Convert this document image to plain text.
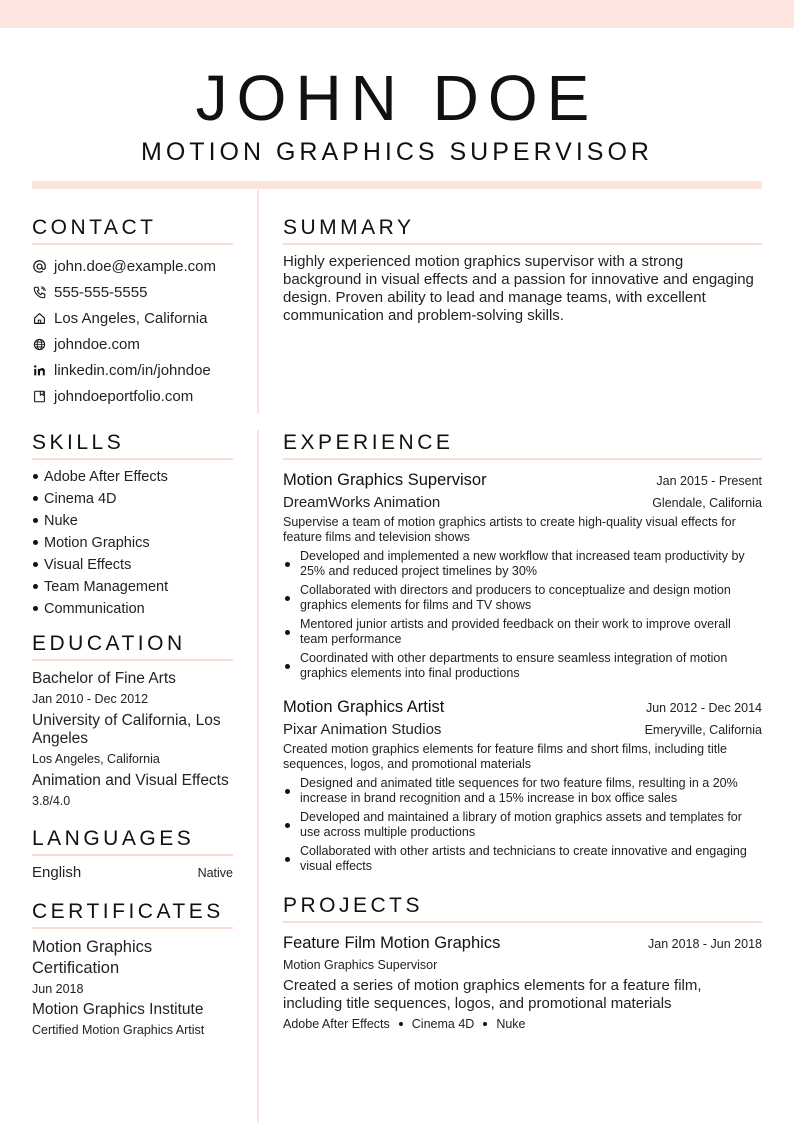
JOHN DOE
MOTION GRAPHICS SUPERVISOR
CONTACT
john.doe@example.com
555-555-5555
Los Angeles, California
johndoe.com
linkedin.com/in/johndoe
johndoeportfolio.com
SUMMARY
Highly experienced motion graphics supervisor with a strong background in visual effects and a passion for innovative and engaging design. Proven ability to lead and manage teams, with excellent communication and problem-solving skills.
SKILLS
Adobe After Effects
Cinema 4D
Nuke
Motion Graphics
Visual Effects
Team Management
Communication
EDUCATION
Bachelor of Fine Arts
Jan 2010 - Dec 2012
University of California, Los Angeles
Los Angeles, California
Animation and Visual Effects
3.8/4.0
LANGUAGES
English	Native
CERTIFICATES
Motion Graphics Certification
Jun 2018
Motion Graphics Institute
Certified Motion Graphics Artist
EXPERIENCE
Motion Graphics Supervisor	Jan 2015 - Present
DreamWorks Animation	Glendale, California
Supervise a team of motion graphics artists to create high-quality visual effects for feature films and television shows
Developed and implemented a new workflow that increased team productivity by 25% and reduced project timelines by 30%
Collaborated with directors and producers to conceptualize and design motion graphics elements for films and TV shows
Mentored junior artists and provided feedback on their work to improve overall team performance
Coordinated with other departments to ensure seamless integration of motion graphics elements into final productions
Motion Graphics Artist	Jun 2012 - Dec 2014
Pixar Animation Studios	Emeryville, California
Created motion graphics elements for feature films and short films, including title sequences, logos, and promotional materials
Designed and animated title sequences for two feature films, resulting in a 20% increase in brand recognition and a 15% increase in box office sales
Developed and maintained a library of motion graphics assets and templates for use across multiple productions
Collaborated with other artists and technicians to create innovative and engaging visual effects
PROJECTS
Feature Film Motion Graphics	Jan 2018 - Jun 2018
Motion Graphics Supervisor
Created a series of motion graphics elements for a feature film, including title sequences, logos, and promotional materials
Adobe After Effects Cinema 4D Nuke
